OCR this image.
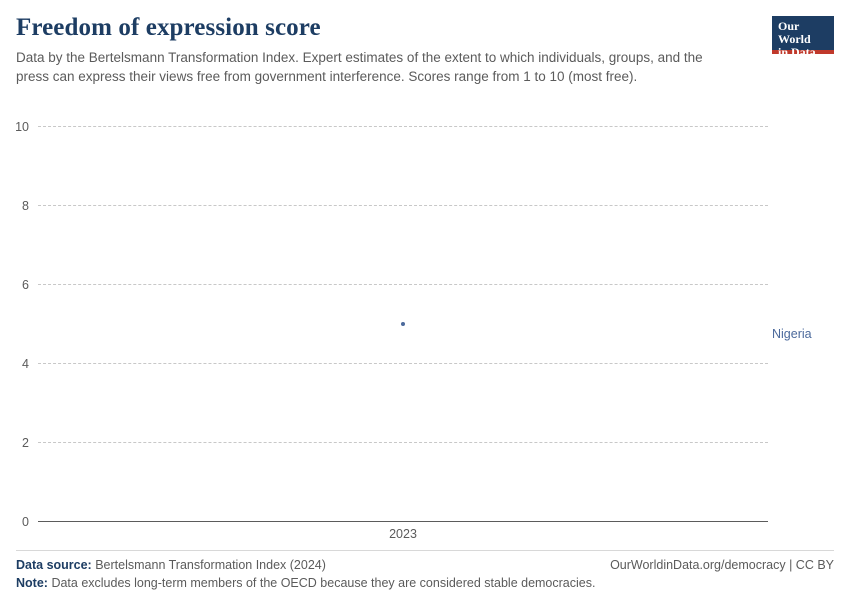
Our World
in Data
Freedom of expression score

Data by the Bertelsmann Transformation Index. Expert estimates of the extent to which individuals, groups, and the press can express their views free from government interference. Scores range from 1 to 10 (most free).

0
2
4
6
8
10
2023
Nigeria
Data source: Bertelsmann Transformation Index (2024)	OurWorldinData.org/democracy | CC BY
Note: Data excludes long-term members of the OECD because they are considered stable democracies.
